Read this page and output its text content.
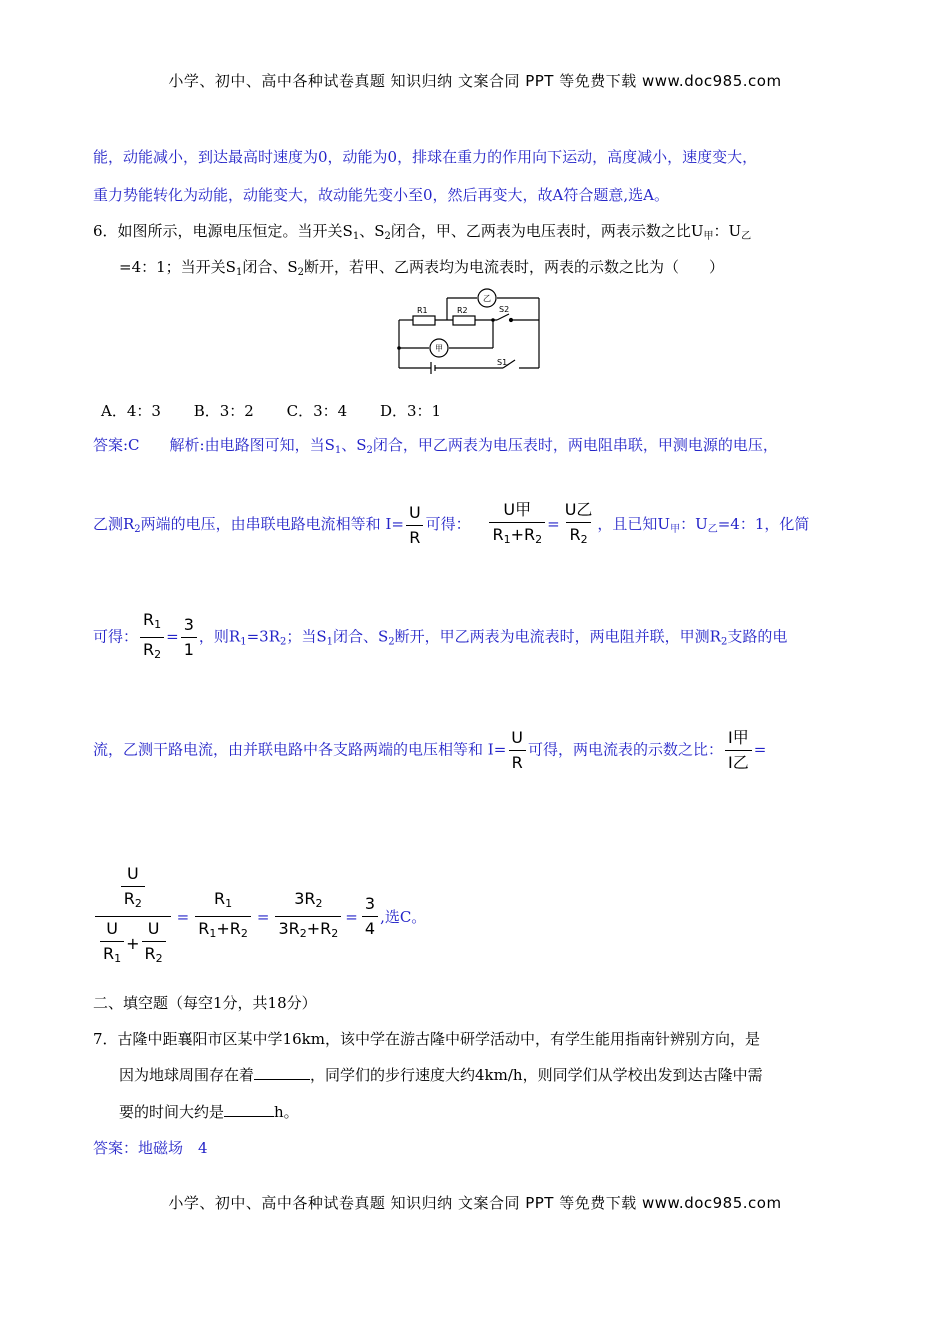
小学、初中、高中各种试卷真题 知识归纳 文案合同 PPT 等免费下载 www.doc985.com
能，动能减小，到达最高时速度为0，动能为0，排球在重力的作用向下运动，高度减小，速度变大，
重力势能转化为动能，动能变大，故动能先变小至0，然后再变大，故A符合题意,选A。
6．如图所示，电源电压恒定。当开关$S_1$、$S_2$闭合，甲、乙两表为电压表时，两表示数之比$U_甲$：$U_乙$
=4：1；当开关$S_1$闭合、$S_2$断开，若甲、乙两表均为电流表时，两表的示数之比为（　　）
R1	R2	S2
S1
乙
甲
A．4：3 B．3：2 C．3：4 D．3：1
答案:C　　 解析:由电路图可知，当$S_1$、$S_2$闭合，甲乙两表为电压表时，两电阻串联，甲测电源的电压，
乙测$R_2$两端的电压，由串联电路电流相等和 $I= \frac{U}{R}$ 可得： $\frac{\text{U甲}}{R1+R2} = \frac{\text{U乙}}{R2}$ ，且已知$U_甲$：$U_乙=4$：1，化简
可得： $\frac{R1}{R2} = \frac{3}{1}$ ，则$R_1=3R_2$；当$S_1$闭合、$S_2$断开，甲乙两表为电流表时，两电阻并联，甲测$R_2$支路的电
流，乙测干路电流，由并联电路中各支路两端的电压相等和 $I= \frac{U}{R}$ 可得，两电流表的示数之比： $\frac{\text{I甲}}{\text{I乙}}$ =
$\frac{\frac{U}{R2}}{\frac{U}{R1} + \frac{U}{R2}} = \frac{R1}{R1+R2} = \frac{3R2}{3R2+R2} = \frac{3}{4}$ ,选C。
二、填空题（每空1分，共18分）
7．古隆中距襄阳市区某中学16km，该中学在游古隆中研学活动中，有学生能用指南针辨别方向，是
因为地球周围存在着	，同学们的步行速度大约4km/h，则同学们从学校出发到达古隆中需
要的时间大约是	h。
答案：地磁场　4
小学、初中、高中各种试卷真题 知识归纳 文案合同 PPT 等免费下载 www.doc985.com
